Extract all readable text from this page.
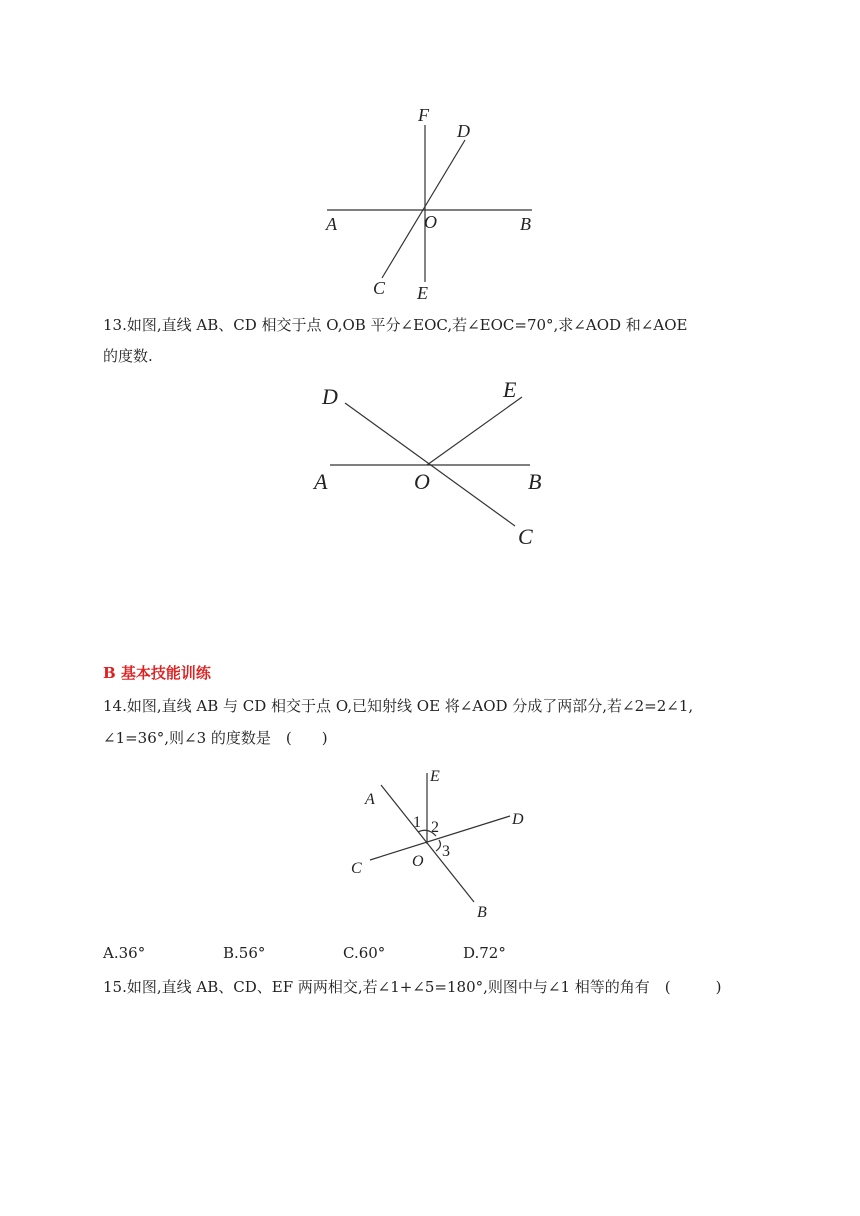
F
D
A	O	B
C E
13.如图,直线 AB、CD 相交于点 O,OB 平分∠EOC,若∠EOC=70°,求∠AOD 和∠AOE
的度数.
D	E
A	O	B
C
B 基本技能训练
14.如图,直线 AB 与 CD 相交于点 O,已知射线 OE 将∠AOD 分成了两部分,若∠2=2∠1,
∠1=36°,则∠3 的度数是　(　　)
A
E
D
C	O
B
1 2
3
A.36°	B.56°	C.60°	D.72°
15.如图,直线 AB、CD、EF 两两相交,若∠1+∠5=180°,则图中与∠1 相等的角有　(　　　)
